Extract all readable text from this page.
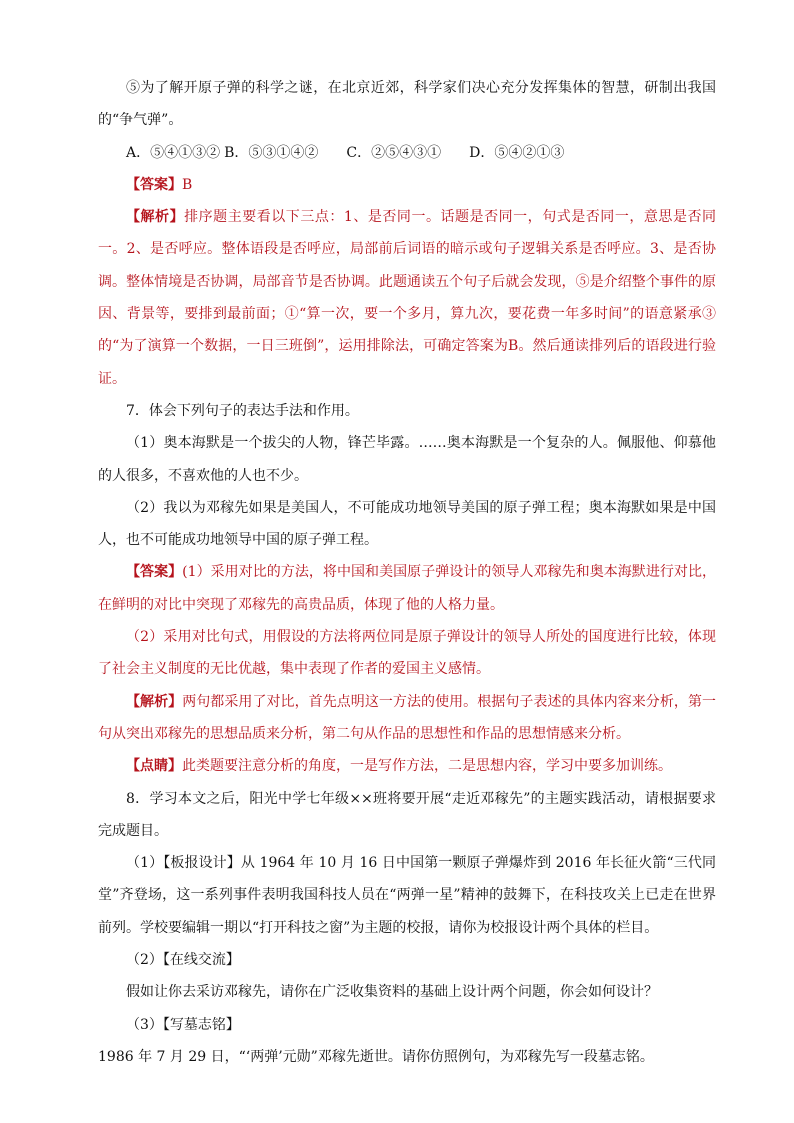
⑤为了解开原子弹的科学之谜，在北京近郊，科学家们决心充分发挥集体的智慧，研制出我国的“争气弹”。

A．⑤④①③② B．⑤③①④② C．②⑤④③① D．⑤④②①③

【答案】B

【解析】排序题主要看以下三点：1、是否同一。话题是否同一，句式是否同一，意思是否同一。2、是否呼应。整体语段是否呼应，局部前后词语的暗示或句子逻辑关系是否呼应。3、是否协调。整体情境是否协调，局部音节是否协调。此题通读五个句子后就会发现，⑤是介绍整个事件的原因、背景等，要排到最前面；①“算一次，要一个多月，算九次，要花费一年多时间”的语意紧承③的“为了演算一个数据，一日三班倒”，运用排除法，可确定答案为B。然后通读排列后的语段进行验证。

7．体会下列句子的表达手法和作用。

（1）奥本海默是一个拔尖的人物，锋芒毕露。……奥本海默是一个复杂的人。佩服他、仰慕他的人很多，不喜欢他的人也不少。

（2）我以为邓稼先如果是美国人，不可能成功地领导美国的原子弹工程；奥本海默如果是中国人，也不可能成功地领导中国的原子弹工程。

【答案】(1）采用对比的方法，将中国和美国原子弹设计的领导人邓稼先和奥本海默进行对比，在鲜明的对比中突现了邓稼先的高贵品质，体现了他的人格力量。

（2）采用对比句式，用假设的方法将两位同是原子弹设计的领导人所处的国度进行比较，体现了社会主义制度的无比优越，集中表现了作者的爱国主义感情。

【解析】两句都采用了对比，首先点明这一方法的使用。根据句子表述的具体内容来分析，第一句从突出邓稼先的思想品质来分析，第二句从作品的思想性和作品的思想情感来分析。

【点睛】此类题要注意分析的角度，一是写作方法，二是思想内容，学习中要多加训练。

8．学习本文之后，阳光中学七年级××班将要开展“走近邓稼先”的主题实践活动，请根据要求完成题目。

（1）【板报设计】从 1964 年 10 月 16 日中国第一颗原子弹爆炸到 2016 年长征火箭“三代同堂”齐登场，这一系列事件表明我国科技人员在“两弹一星”精神的鼓舞下，在科技攻关上已走在世界前列。学校要编辑一期以“打开科技之窗”为主题的校报，请你为校报设计两个具体的栏目。

（2）【在线交流】

假如让你去采访邓稼先，请你在广泛收集资料的基础上设计两个问题，你会如何设计？

（3）【写墓志铭】

1986 年 7 月 29 日，“‘两弹’元勋”邓稼先逝世。请你仿照例句，为邓稼先写一段墓志铭。
